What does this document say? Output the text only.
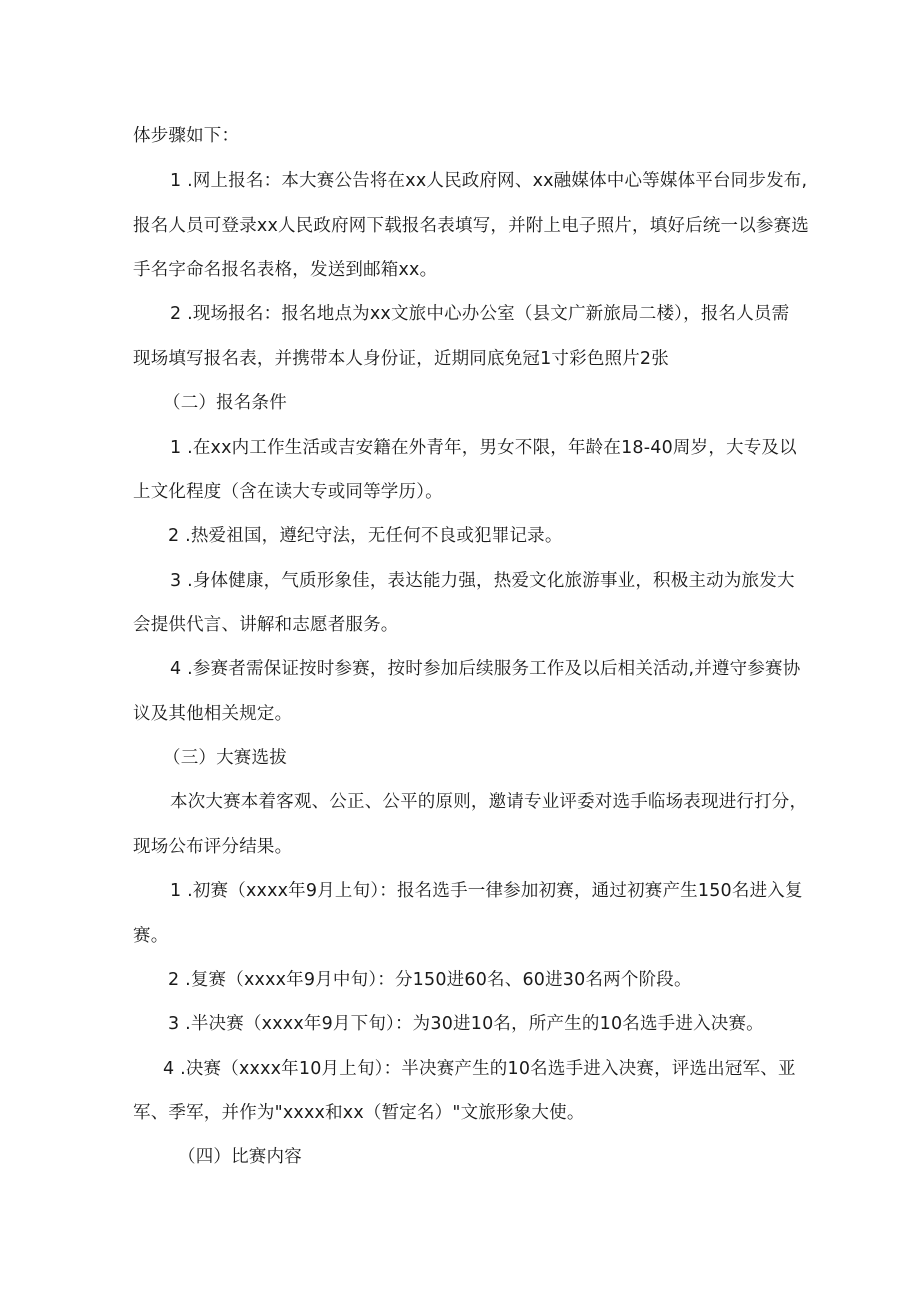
体步骤如下：
1 .网上报名：本大赛公告将在xx人民政府网、xx融媒体中心等媒体平台同步发布,
报名人员可登录xx人民政府网下载报名表填写，并附上电子照片，填好后统一以参赛选
手名字命名报名表格，发送到邮箱xx。
2 .现场报名：报名地点为xx文旅中心办公室（县文广新旅局二楼），报名人员需
现场填写报名表，并携带本人身份证，近期同底免冠1寸彩色照片2张
（二）报名条件
1 .在xx内工作生活或吉安籍在外青年，男女不限，年龄在18-40周岁，大专及以
上文化程度（含在读大专或同等学历）。
2 .热爱祖国，遵纪守法，无任何不良或犯罪记录。
3 .身体健康，气质形象佳，表达能力强，热爱文化旅游事业，积极主动为旅发大
会提供代言、讲解和志愿者服务。
4 .参赛者需保证按时参赛，按时参加后续服务工作及以后相关活动,并遵守参赛协
议及其他相关规定。
（三）大赛选拔
本次大赛本着客观、公正、公平的原则，邀请专业评委对选手临场表现进行打分，
现场公布评分结果。
1 .初赛（xxxx年9月上旬）：报名选手一律参加初赛，通过初赛产生150名进入复
赛。
2 .复赛（xxxx年9月中旬）：分150进60名、60进30名两个阶段。
3 .半决赛（xxxx年9月下旬）：为30进10名，所产生的10名选手进入决赛。
4 .决赛（xxxx年10月上旬）：半决赛产生的10名选手进入决赛，评选出冠军、亚
军、季军，并作为"xxxx和xx（暂定名）"文旅形象大使。
（四）比赛内容
